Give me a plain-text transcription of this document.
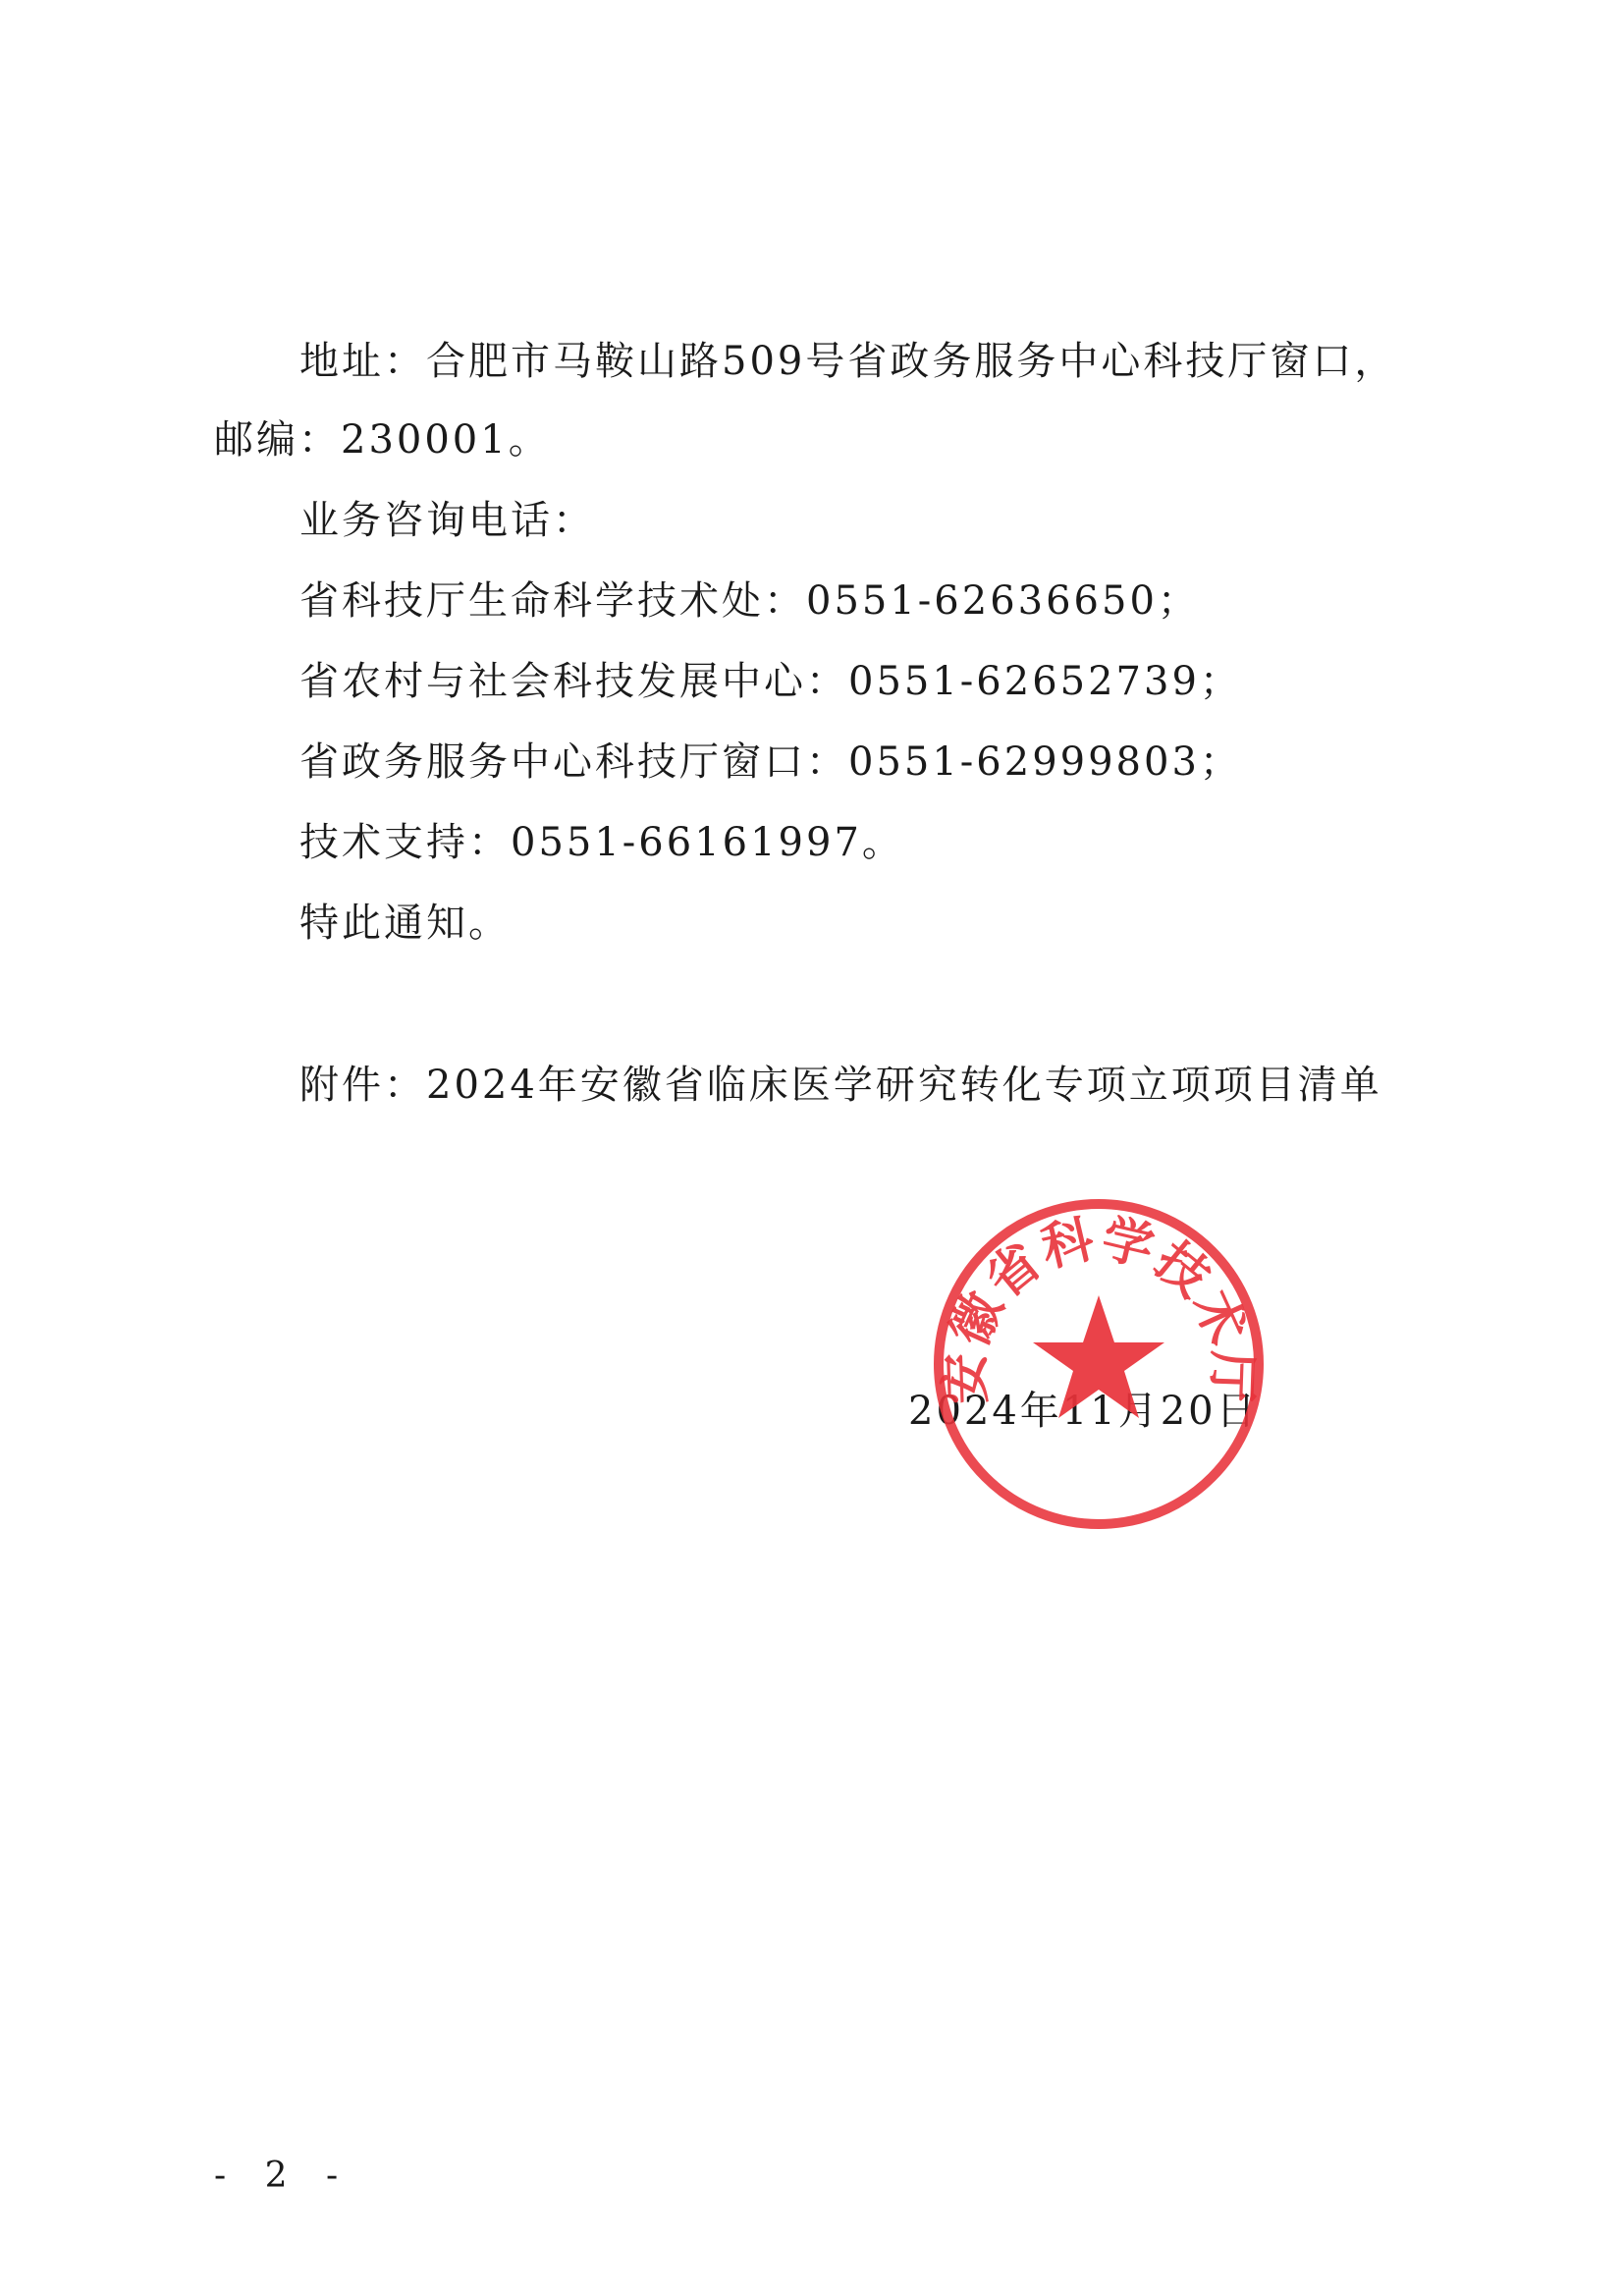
地址：合肥市马鞍山路509号省政务服务中心科技厅窗口，
邮编：230001。
业务咨询电话：
省科技厅生命科学技术处：0551-62636650；
省农村与社会科技发展中心：0551-62652739；
省政务服务中心科技厅窗口：0551-62999803；
技术支持：0551-66161997。
特此通知。
附件：2024年安徽省临床医学研究转化专项立项项目清单
2024年11月20日
安徽省科学技术厅
- 2 -
